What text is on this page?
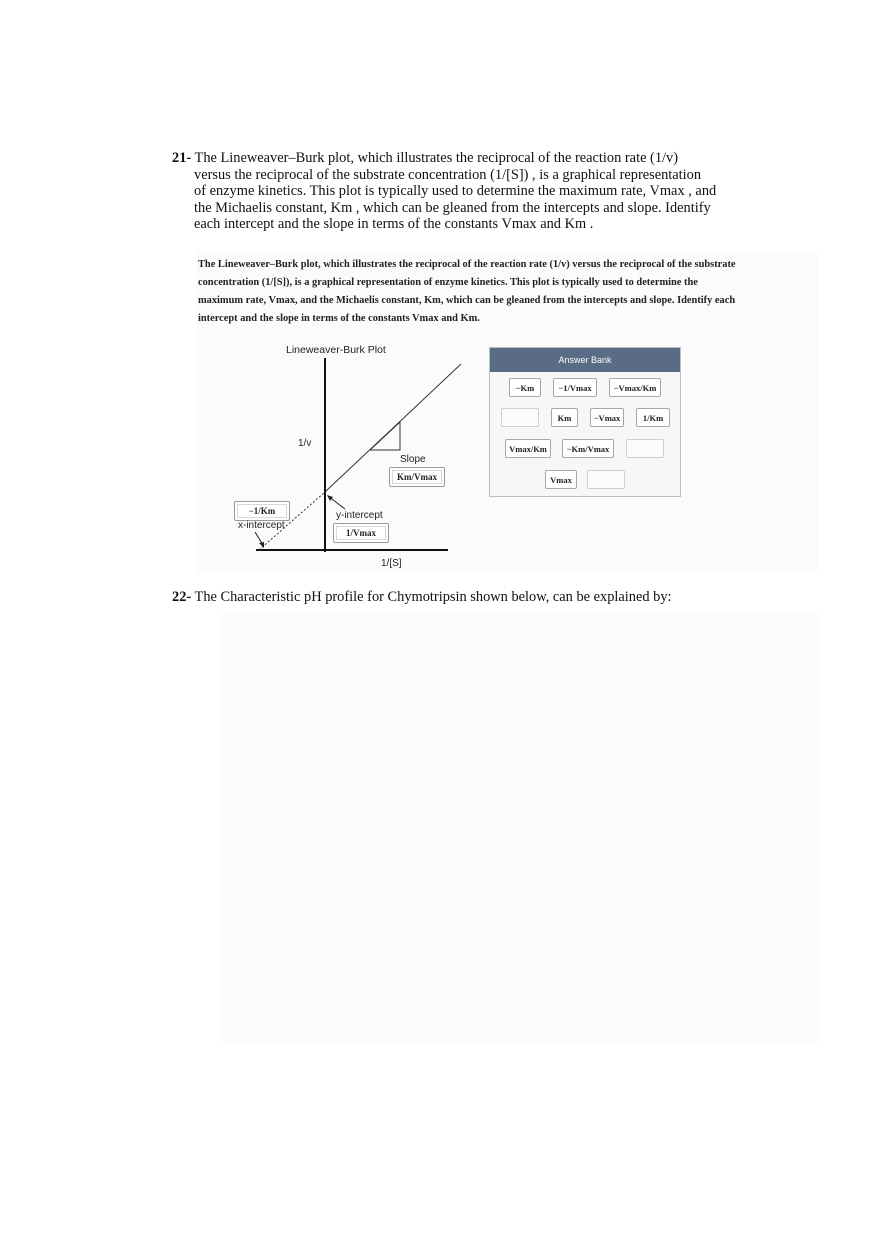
21- The Lineweaver–Burk plot, which illustrates the reciprocal of the reaction rate (1/v)
versus the reciprocal of the substrate concentration (1/[S]) , is a graphical representation
of enzyme kinetics. This plot is typically used to determine the maximum rate, Vmax , and
the Michaelis constant, Km , which can be gleaned from the intercepts and slope. Identify
each intercept and the slope in terms of the constants Vmax and Km .
The Lineweaver–Burk plot, which illustrates the reciprocal of the reaction rate (1/v) versus the reciprocal of the substrate
concentration (1/[S]), is a graphical representation of enzyme kinetics. This plot is typically used to determine the
maximum rate, Vmax, and the Michaelis constant, Km, which can be gleaned from the intercepts and slope. Identify each
intercept and the slope in terms of the constants Vmax and Km.
Lineweaver-Burk Plot
1/v
1/[S]
Slope
Km/Vmax
y-intercept
1/Vmax
−1/Km
x-intercept
Answer Bank
−Km	−1/Vmax	−Vmax/Km
Km	−Vmax	1/Km
Vmax/Km	−Km/Vmax
Vmax
22- The Characteristic pH profile for Chymotripsin shown below, can be explained by:
